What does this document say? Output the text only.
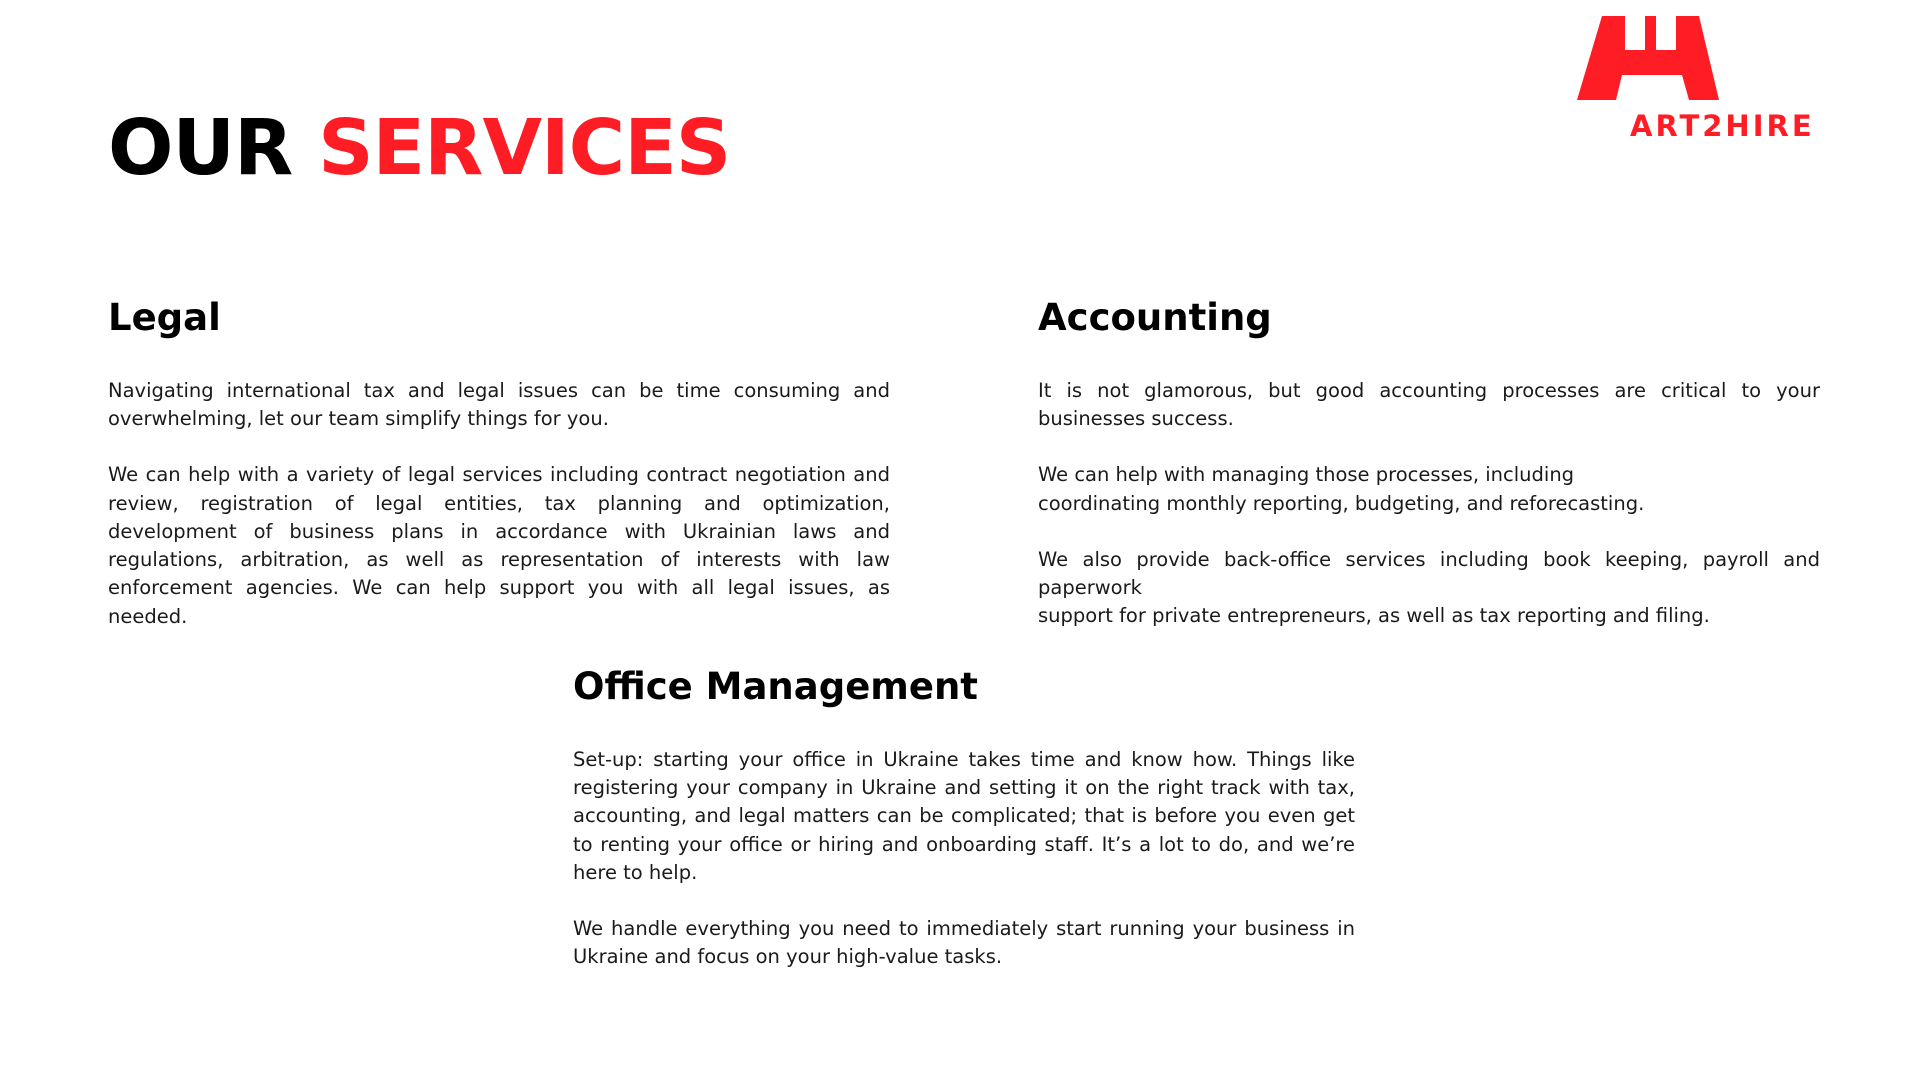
OUR SERVICES	ART2HIRE
Legal

Navigating international tax and legal issues can be time consuming and overwhelming, let our team simplify things for you.

We can help with a variety of legal services including contract negotiation and review, registration of legal entities, tax planning and optimization, development of business plans in accordance with Ukrainian laws and regulations, arbitration, as well as representation of interests with law enforcement agencies. We can help support you with all legal issues, as needed.

Accounting

It is not glamorous, but good accounting processes are critical to your businesses success.

We can help with managing those processes, including
coordinating monthly reporting, budgeting, and reforecasting.

We also provide back-office services including book keeping, payroll and paperwork
support for private entrepreneurs, as well as tax reporting and filing.

Office Management

Set-up: starting your office in Ukraine takes time and know how. Things like registering your company in Ukraine and setting it on the right track with tax, accounting, and legal matters can be complicated; that is before you even get to renting your office or hiring and onboarding staff. It’s a lot to do, and we’re here to help.

We handle everything you need to immediately start running your business in Ukraine and focus on your high-value tasks.
